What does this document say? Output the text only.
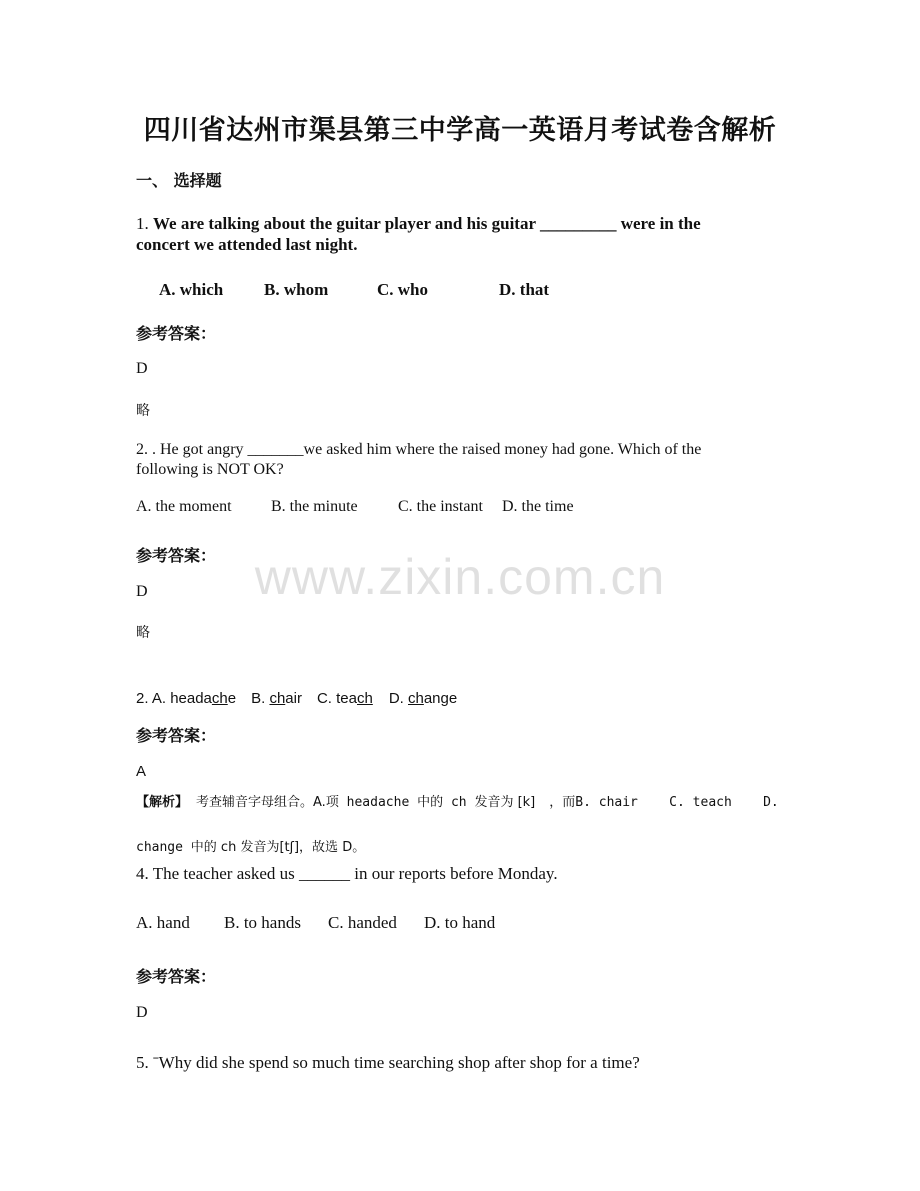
四川省达州市渠县第三中学高一英语月考试卷含解析
一、 选择题
1. We are talking about the guitar player and his guitar _________ were in the
concert we attended last night.
A. which B. whom	C. who	D. that
参考答案：
D
略
2. . He got angry _______we asked him where the raised money had gone. Which of the
following is NOT OK?
A. the moment B. the minute	C. the instant D. the time
参考答案：
D
略
2. A. headache B. chair C. teach D. change
参考答案：
A
【解析】 考查辅音字母组合。A.项 headache 中的 ch 发音为 [k] ，而B. chair    C. teach    D.
change 中的 ch 发音为[tʃ]，故选 D。
4. The teacher asked us ______ in our reports before Monday.
A. hand B. to hands C. handed D. to hand
参考答案：
D
5. ˉWhy did she spend so much time searching shop after shop for a time?
www.zixin.com.cn
